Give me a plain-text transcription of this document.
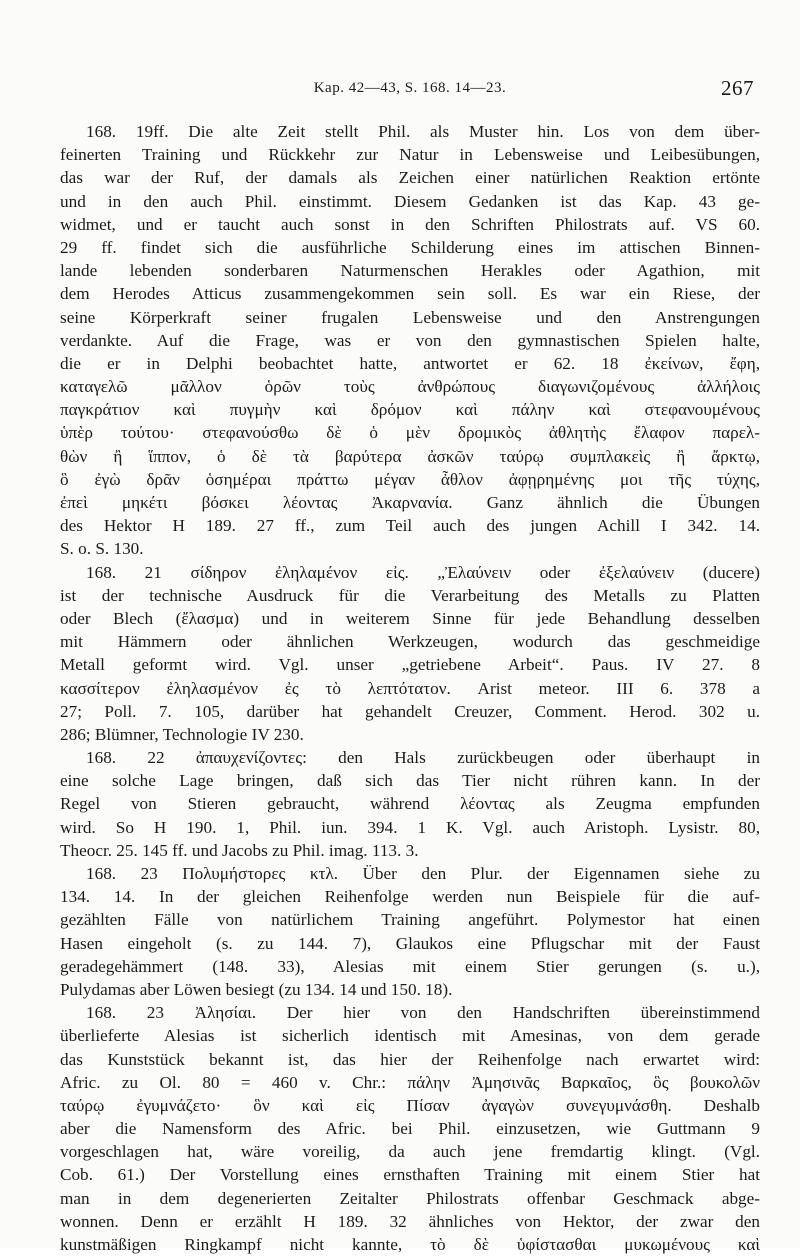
Kap. 42—43, S. 168. 14—23.	267
168. 19ff. Die alte Zeit stellt Phil. als Muster hin. Los von dem über-
feinerten Training und Rückkehr zur Natur in Lebensweise und Leibesübungen,
das war der Ruf, der damals als Zeichen einer natürlichen Reaktion ertönte
und in den auch Phil. einstimmt. Diesem Gedanken ist das Kap. 43 ge-
widmet, und er taucht auch sonst in den Schriften Philostrats auf. VS 60.
29 ff. findet sich die ausführliche Schilderung eines im attischen Binnen-
lande lebenden sonderbaren Naturmenschen Herakles oder Agathion, mit
dem Herodes Atticus zusammengekommen sein soll. Es war ein Riese, der
seine Körperkraft seiner frugalen Lebensweise und den Anstrengungen
verdankte. Auf die Frage, was er von den gymnastischen Spielen halte,
die er in Delphi beobachtet hatte, antwortet er 62. 18 ἐκείνων, ἔφη,
καταγελῶ μᾶλλον ὁρῶν τοὺς ἀνθρώπους διαγωνιζομένους ἀλλήλοις
παγκράτιον καὶ πυγμὴν καὶ δρόμον καὶ πάλην καὶ στεφανουμένους
ὑπὲρ τούτου· στεφανούσθω δὲ ὁ μὲν δρομικὸς ἀθλητὴς ἔλαφον παρελ-
θὼν ἢ ἵππον, ὁ δὲ τὰ βαρύτερα ἀσκῶν ταύρῳ συμπλακεὶς ἢ ἄρκτῳ,
ὃ ἐγὼ δρᾶν ὁσημέραι πράττω μέγαν ἆθλον ἀφῃρημένης μοι τῆς τύχης,
ἐπεὶ μηκέτι βόσκει λέοντας Ἀκαρνανία. Ganz ähnlich die Übungen
des Hektor H 189. 27 ff., zum Teil auch des jungen Achill I 342. 14.
S. o. S. 130.
168. 21 σίδηρον ἐληλαμένον εἰς. „Ἐλαύνειν oder ἐξελαύνειν (ducere)
ist der technische Ausdruck für die Verarbeitung des Metalls zu Platten
oder Blech (ἔλασμα) und in weiterem Sinne für jede Behandlung desselben
mit Hämmern oder ähnlichen Werkzeugen, wodurch das geschmeidige
Metall geformt wird. Vgl. unser „getriebene Arbeit“. Paus. IV 27. 8
κασσίτερον ἐληλασμένον ἐς τὸ λεπτότατον. Arist meteor. III 6. 378 a
27; Poll. 7. 105, darüber hat gehandelt Creuzer, Comment. Herod. 302 u.
286; Blümner, Technologie IV 230.
168. 22 ἀπαυχενίζοντες: den Hals zurückbeugen oder überhaupt in
eine solche Lage bringen, daß sich das Tier nicht rühren kann. In der
Regel von Stieren gebraucht, während λέοντας als Zeugma empfunden
wird. So H 190. 1, Phil. iun. 394. 1 K. Vgl. auch Aristoph. Lysistr. 80,
Theocr. 25. 145 ff. und Jacobs zu Phil. imag. 113. 3.
168. 23 Πολυμήστορες κτλ. Über den Plur. der Eigennamen siehe zu
134. 14. In der gleichen Reihenfolge werden nun Beispiele für die auf-
gezählten Fälle von natürlichem Training angeführt. Polymestor hat einen
Hasen eingeholt (s. zu 144. 7), Glaukos eine Pflugschar mit der Faust
geradegehämmert (148. 33), Alesias mit einem Stier gerungen (s. u.),
Pulydamas aber Löwen besiegt (zu 134. 14 und 150. 18).
168. 23 Ἀλησίαι. Der hier von den Handschriften übereinstimmend
überlieferte Alesias ist sicherlich identisch mit Amesinas, von dem gerade
das Kunststück bekannt ist, das hier der Reihenfolge nach erwartet wird:
Afric. zu Ol. 80 = 460 v. Chr.: πάλην Ἀμησινᾶς Βαρκαῖος, ὃς βουκολῶν
ταύρῳ ἐγυμνάζετο· ὃν καὶ εἰς Πίσαν ἀγαγὼν συνεγυμνάσθη. Deshalb
aber die Namensform des Afric. bei Phil. einzusetzen, wie Guttmann 9
vorgeschlagen hat, wäre voreilig, da auch jene fremdartig klingt. (Vgl.
Cob. 61.) Der Vorstellung eines ernsthaften Training mit einem Stier hat
man in dem degenerierten Zeitalter Philostrats offenbar Geschmack abge-
wonnen. Denn er erzählt H 189. 32 ähnliches von Hektor, der zwar den
kunstmäßigen Ringkampf nicht kannte, τὸ δὲ ὑφίστασθαι μυκωμένους καὶ
